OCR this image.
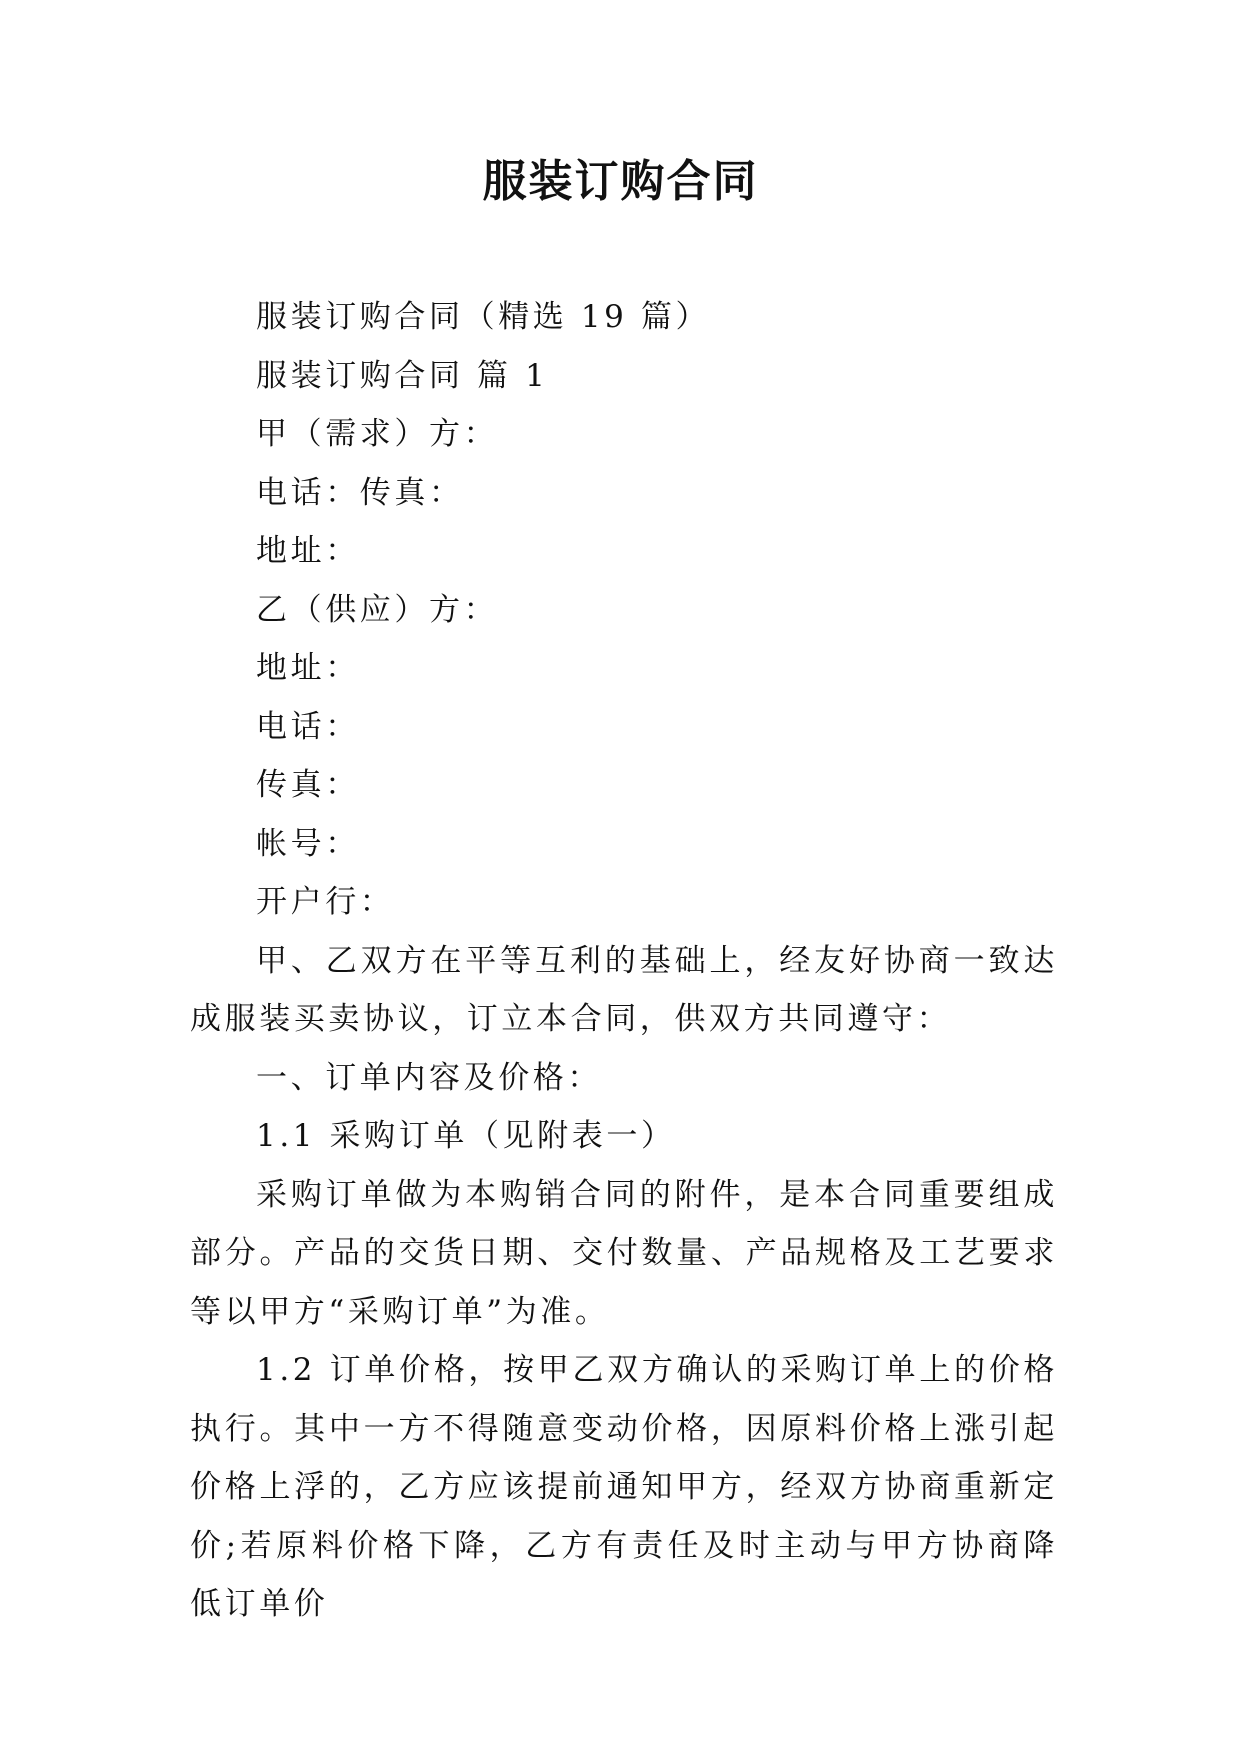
服装订购合同

服装订购合同（精选 19 篇）

服装订购合同 篇 1

甲（需求）方：

电话：传真：

地址：

乙（供应）方：

地址：

电话：

传真：

帐号：

开户行：

甲、乙双方在平等互利的基础上，经友好协商一致达成服装买卖协议，订立本合同，供双方共同遵守：

一、订单内容及价格：

1.1 采购订单（见附表一）

采购订单做为本购销合同的附件，是本合同重要组成部分。产品的交货日期、交付数量、产品规格及工艺要求等以甲方“采购订单”为准。

1.2 订单价格，按甲乙双方确认的采购订单上的价格执行。其中一方不得随意变动价格，因原料价格上涨引起价格上浮的，乙方应该提前通知甲方，经双方协商重新定价;若原料价格下降，乙方有责任及时主动与甲方协商降低订单价
